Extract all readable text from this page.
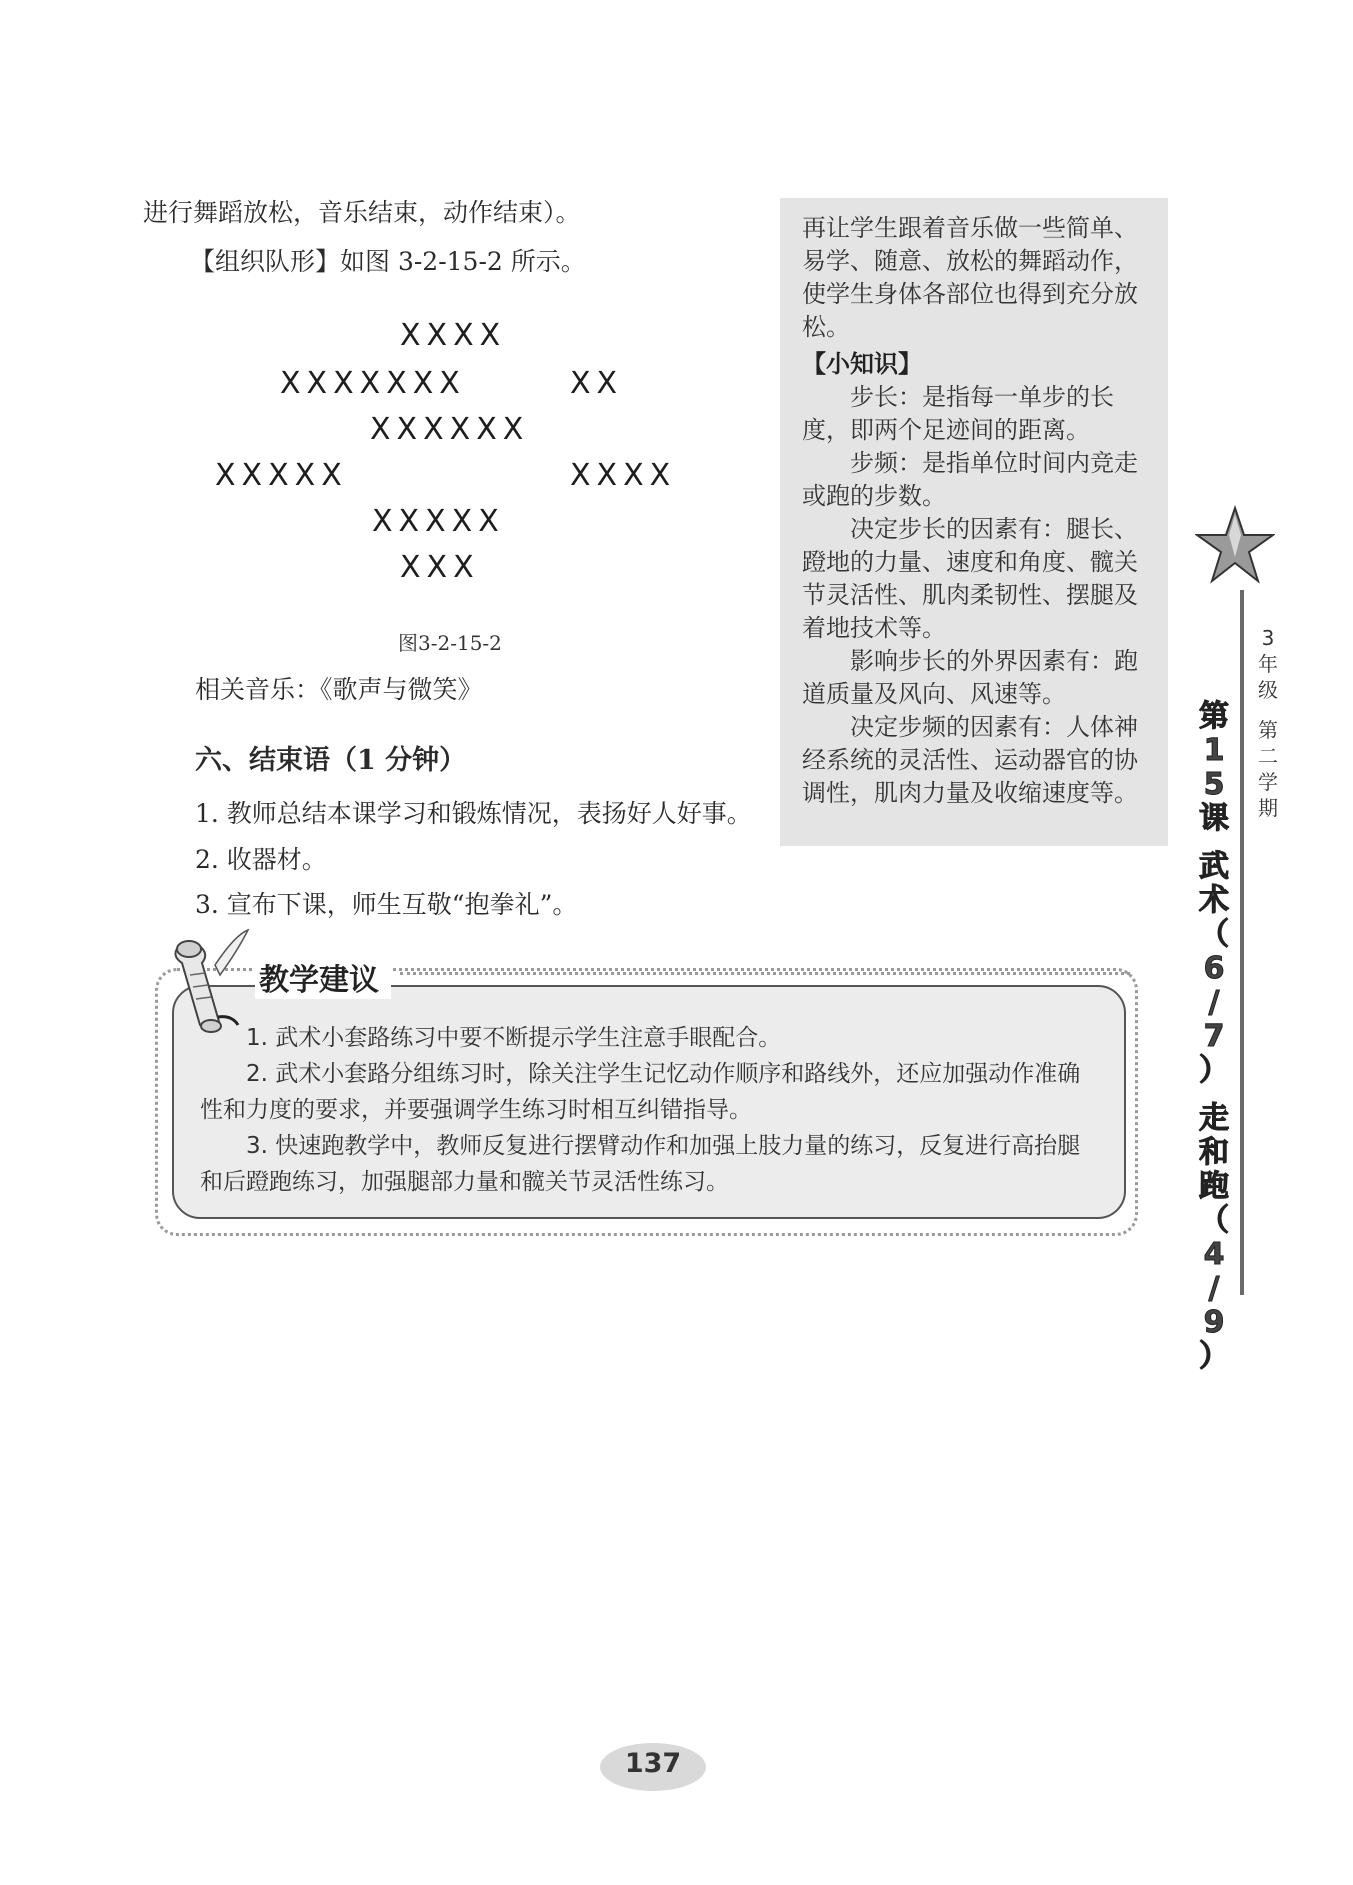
进行舞蹈放松，音乐结束，动作结束）。
【组织队形】如图 3-2-15-2 所示。
XXXX
XXXXXXX	XX
XXXXXX
XXXXX	XXXX
XXXXX
XXX
图3-2-15-2
相关音乐：《歌声与微笑》
六、结束语（1 分钟）
1. 教师总结本课学习和锻炼情况，表扬好人好事。
2. 收器材。
3. 宣布下课，师生互敬“抱拳礼”。

再让学生跟着音乐做一些简单、易学、随意、放松的舞蹈动作，使学生身体各部位也得到充分放松。

【小知识】

步长：是指每一单步的长度，即两个足迹间的距离。

步频：是指单位时间内竞走或跑的步数。

决定步长的因素有：腿长、蹬地的力量、速度和角度、髋关节灵活性、肌肉柔韧性、摆腿及着地技术等。

影响步长的外界因素有：跑道质量及风向、风速等。

决定步频的因素有：人体神经系统的灵活性、运动器官的协调性，肌肉力量及收缩速度等。

教学建议

1. 武术小套路练习中要不断提示学生注意手眼配合。

2. 武术小套路分组练习时，除关注学生记忆动作顺序和路线外，还应加强动作准确性和力度的要求，并要强调学生练习时相互纠错指导。

3. 快速跑教学中，教师反复进行摆臂动作和加强上肢力量的练习，反复进行高抬腿和后蹬跑练习，加强腿部力量和髋关节灵活性练习。

3
年
级
第
二
学
期
第
1
5
课
武
术
（
6
/
7
）
走
和
跑
（
4
/
9
）
137
